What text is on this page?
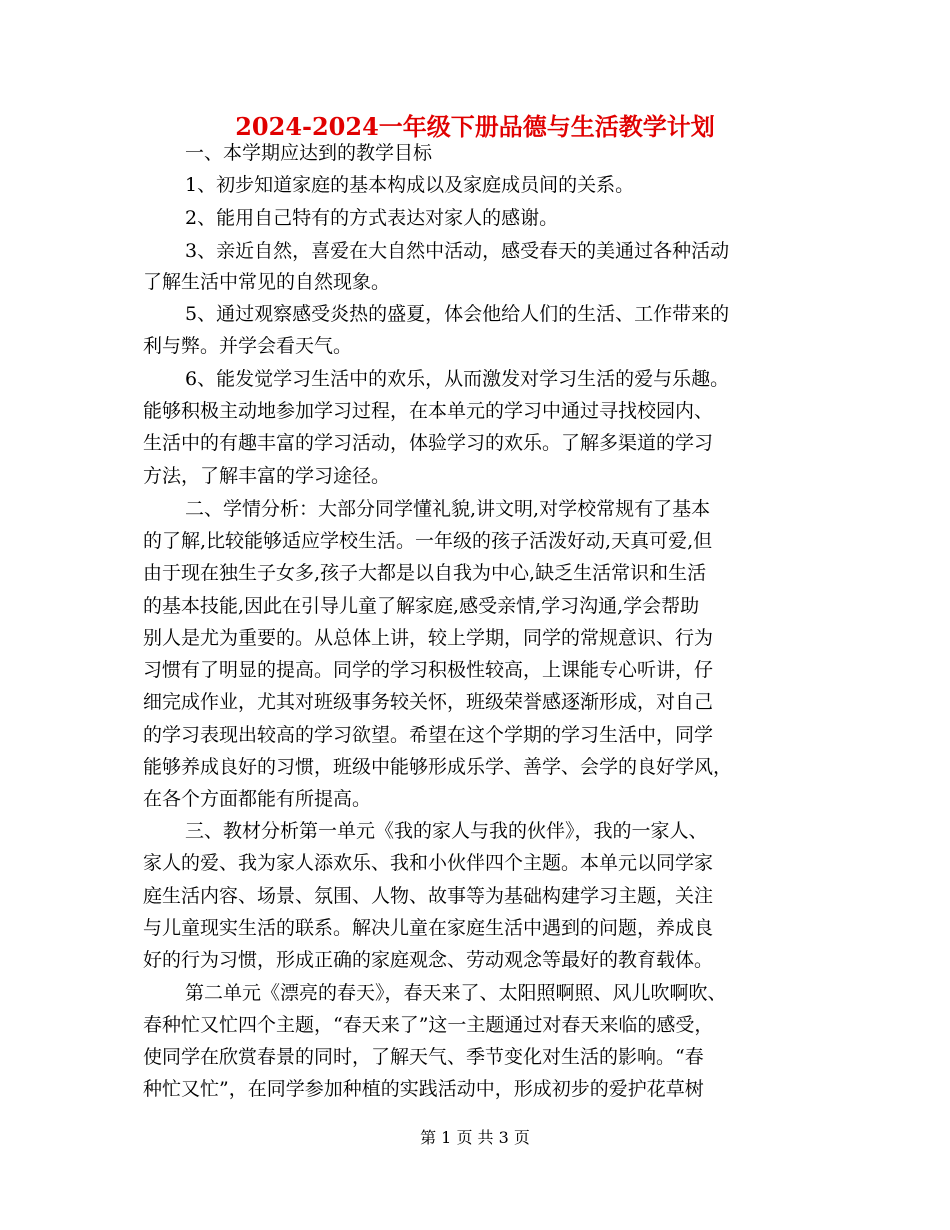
2024-2024一年级下册品德与生活教学计划
一、本学期应达到的教学目标
1、初步知道家庭的基本构成以及家庭成员间的关系。
2、能用自己特有的方式表达对家人的感谢。
3、亲近自然，喜爱在大自然中活动，感受春天的美通过各种活动
了解生活中常见的自然现象。
5、通过观察感受炎热的盛夏，体会他给人们的生活、工作带来的
利与弊。并学会看天气。
6、能发觉学习生活中的欢乐，从而激发对学习生活的爱与乐趣。
能够积极主动地参加学习过程，在本单元的学习中通过寻找校园内、
生活中的有趣丰富的学习活动，体验学习的欢乐。了解多渠道的学习
方法，了解丰富的学习途径。
二、学情分析：大部分同学懂礼貌,讲文明,对学校常规有了基本
的了解,比较能够适应学校生活。一年级的孩子活泼好动,天真可爱,但
由于现在独生子女多,孩子大都是以自我为中心,缺乏生活常识和生活
的基本技能,因此在引导儿童了解家庭,感受亲情,学习沟通,学会帮助
别人是尤为重要的。从总体上讲，较上学期，同学的常规意识、行为
习惯有了明显的提高。同学的学习积极性较高，上课能专心听讲，仔
细完成作业，尤其对班级事务较关怀，班级荣誉感逐渐形成，对自己
的学习表现出较高的学习欲望。希望在这个学期的学习生活中，同学
能够养成良好的习惯，班级中能够形成乐学、善学、会学的良好学风，
在各个方面都能有所提高。
三、教材分析第一单元《我的家人与我的伙伴》，我的一家人、
家人的爱、我为家人添欢乐、我和小伙伴四个主题。本单元以同学家
庭生活内容、场景、氛围、人物、故事等为基础构建学习主题，关注
与儿童现实生活的联系。解决儿童在家庭生活中遇到的问题，养成良
好的行为习惯，形成正确的家庭观念、劳动观念等最好的教育载体。
第二单元《漂亮的春天》，春天来了、太阳照啊照、风儿吹啊吹、
春种忙又忙四个主题，“春天来了”这一主题通过对春天来临的感受，
使同学在欣赏春景的同时，了解天气、季节变化对生活的影响。“春
种忙又忙”，在同学参加种植的实践活动中，形成初步的爱护花草树
第 1 页 共 3 页
